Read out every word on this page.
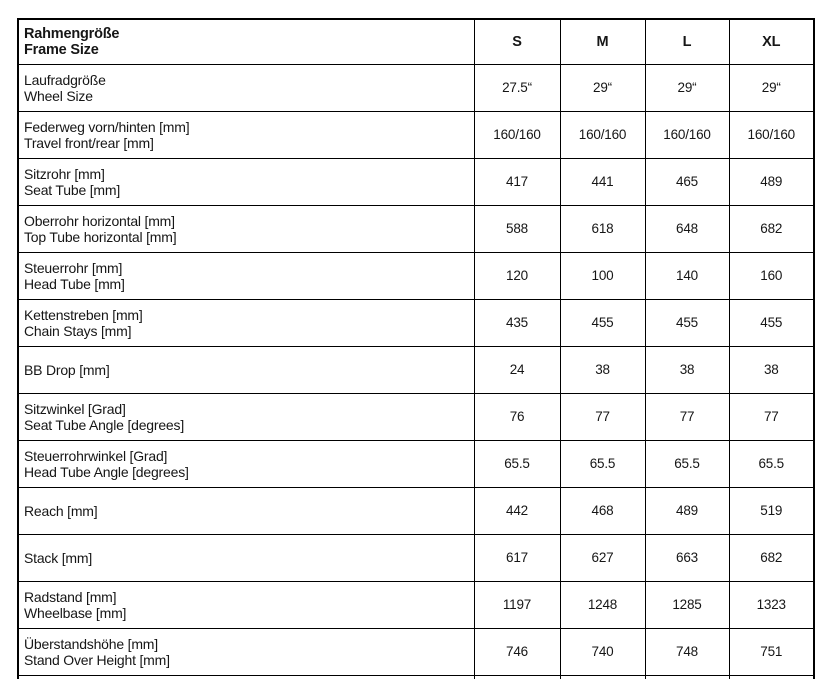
Rahmengröße
Frame Size	S	M	L	XL

Laufradgröße
Wheel Size	27.5“	29“	29“	29“

Federweg vorn/hinten [mm]
Travel front/rear [mm]	160/160	160/160	160/160	160/160

Sitzrohr [mm]
Seat Tube [mm]	417	441	465	489

Oberrohr horizontal [mm]
Top Tube horizontal [mm]	588	618	648	682

Steuerrohr [mm]
Head Tube [mm]	120	100	140	160

Kettenstreben [mm]
Chain Stays [mm]	435	455	455	455

BB Drop [mm]	24	38	38	38

Sitzwinkel [Grad]
Seat Tube Angle [degrees]	76	77	77	77

Steuerrohrwinkel [Grad]
Head Tube Angle [degrees]	65.5	65.5	65.5	65.5

Reach [mm]	442	468	489	519

Stack [mm]	617	627	663	682

Radstand [mm]
Wheelbase [mm]	1197	1248	1285	1323

Überstandshöhe [mm]
Stand Over Height [mm]	746	740	748	751
